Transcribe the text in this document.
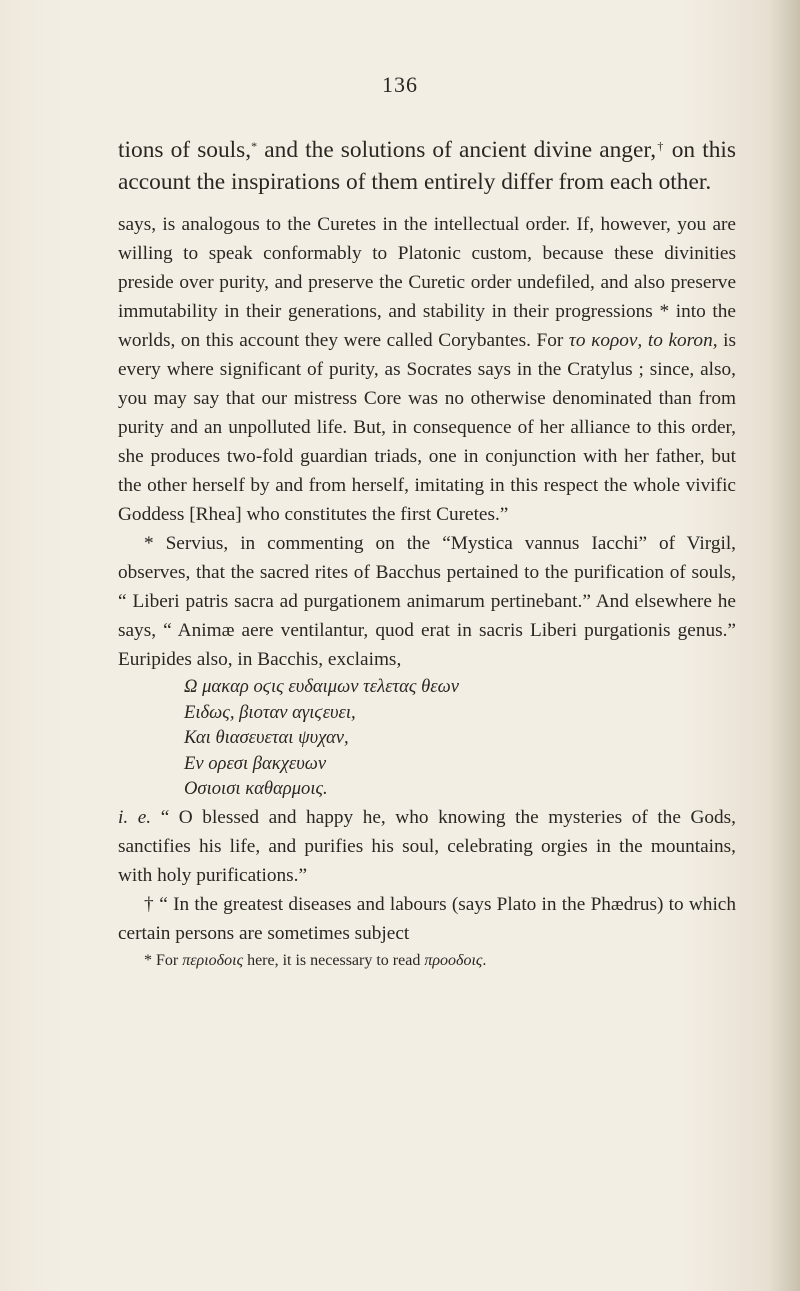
136

tions of souls,* and the solutions of ancient divine anger,† on this account the inspirations of them entirely differ from each other.

says, is analogous to the Curetes in the intellectual order. If, however, you are willing to speak conformably to Platonic custom, because these divinities preside over purity, and preserve the Curetic order undefiled, and also preserve immutability in their generations, and stability in their progressions * into the worlds, on this account they were called Corybantes. For το κορον, to koron, is every where significant of purity, as Socrates says in the Cratylus ; since, also, you may say that our mistress Core was no otherwise denominated than from purity and an unpolluted life. But, in consequence of her alliance to this order, she produces two-fold guardian triads, one in conjunction with her father, but the other herself by and from herself, imitating in this respect the whole vivific Goddess [Rhea] who constitutes the first Curetes.”

* Servius, in commenting on the “Mystica vannus Iacchi” of Virgil, observes, that the sacred rites of Bacchus pertained to the purification of souls, “ Liberi patris sacra ad purgationem animarum pertinebant.” And elsewhere he says, “ Animæ aere ventilantur, quod erat in sacris Liberi purgationis genus.” Euripides also, in Bacchis, exclaims,

Ω μακαρ οϛις ευδαιμων τελετας θεων
Ειδως, βιοταν αγιϛευει,
Και θιασευεται ψυχαν,
Εν ορεσι βακχευων
Οσιοισι καθαρμοις.

i. e. “ O blessed and happy he, who knowing the mysteries of the Gods, sanctifies his life, and purifies his soul, celebrating orgies in the mountains, with holy purifications.”

† “ In the greatest diseases and labours (says Plato in the Phædrus) to which certain persons are sometimes subject

* For περιοδοις here, it is necessary to read προοδοις.
